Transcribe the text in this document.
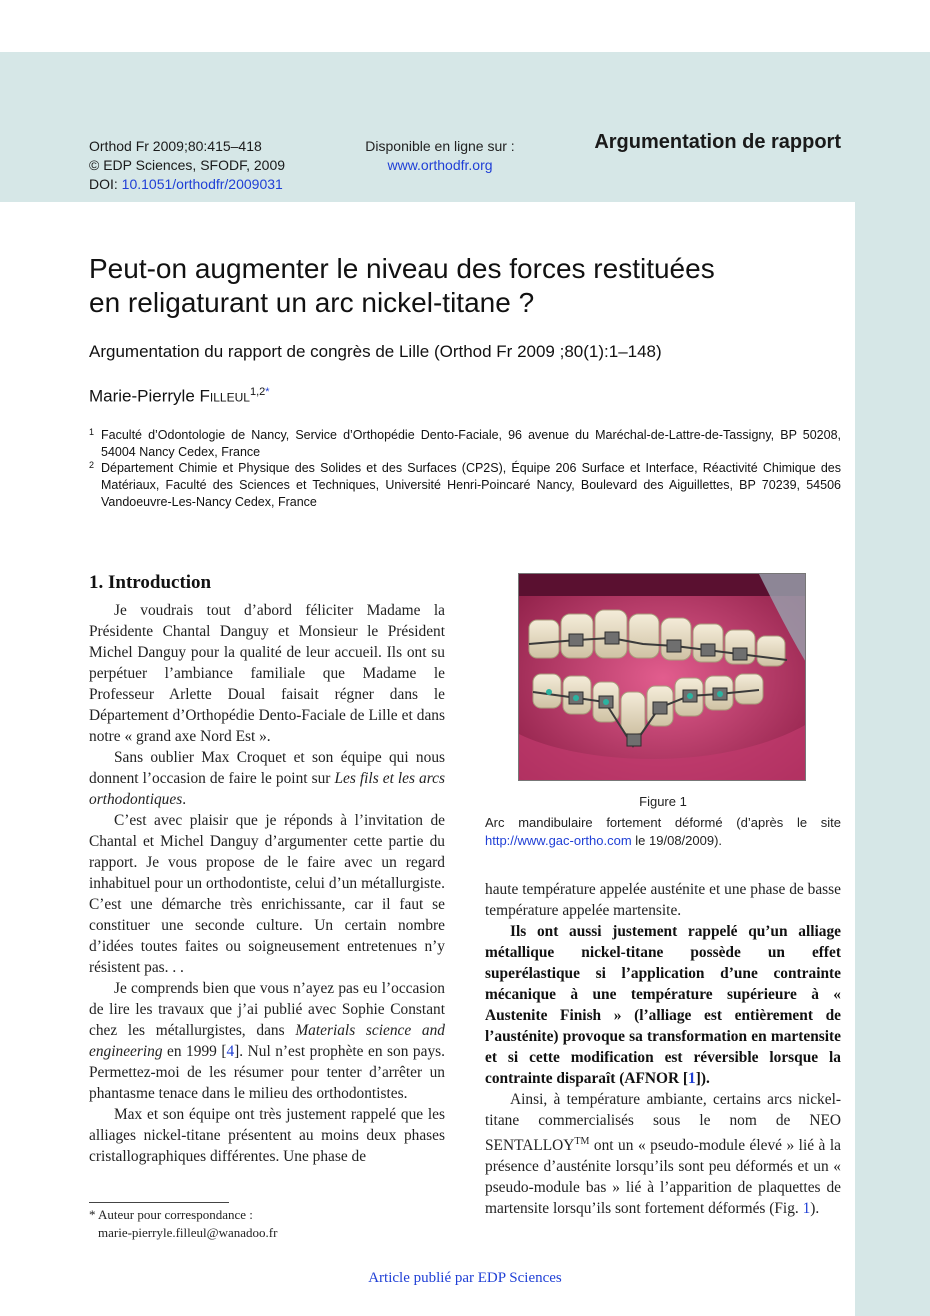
Orthod Fr 2009;80:415–418
© EDP Sciences, SFODF, 2009
DOI: 10.1051/orthodfr/2009031
Disponible en ligne sur :
www.orthodfr.org
Argumentation de rapport
Peut-on augmenter le niveau des forces restituées
en religaturant un arc nickel-titane ?
Argumentation du rapport de congrès de Lille (Orthod Fr 2009 ;80(1):1–148)
Marie-Pierryle Filleul$^{1,2*}$
1 Faculté d’Odontologie de Nancy, Service d’Orthopédie Dento-Faciale, 96 avenue du Maréchal-de-Lattre-de-Tassigny, BP 50208, 54004 Nancy Cedex, France
2 Département Chimie et Physique des Solides et des Surfaces (CP2S), Équipe 206 Surface et Interface, Réactivité Chimique des Matériaux, Faculté des Sciences et Techniques, Université Henri-Poincaré Nancy, Boulevard des Aiguillettes, BP 70239, 54506 Vandoeuvre-Les-Nancy Cedex, France
1. Introduction

Je voudrais tout d’abord féliciter Madame la Présidente Chantal Danguy et Monsieur le Président Michel Danguy pour la qualité de leur accueil. Ils ont su perpétuer l’ambiance familiale que Madame le Professeur Arlette Doual faisait régner dans le Département d’Orthopédie Dento-Faciale de Lille et dans notre « grand axe Nord Est ».

Sans oublier Max Croquet et son équipe qui nous donnent l’occasion de faire le point sur Les fils et les arcs orthodontiques.

C’est avec plaisir que je réponds à l’invitation de Chantal et Michel Danguy d’argumenter cette partie du rapport. Je vous propose de le faire avec un regard inhabituel pour un orthodontiste, celui d’un métallurgiste. C’est une démarche très enrichissante, car il faut se constituer une seconde culture. Un certain nombre d’idées toutes faites ou soigneusement entretenues n’y résistent pas. . .

Je comprends bien que vous n’ayez pas eu l’occasion de lire les travaux que j’ai publié avec Sophie Constant chez les métallurgistes, dans Materials science and engineering en 1999 [4]. Nul n’est prophète en son pays. Permettez-moi de les résumer pour tenter d’arrêter un phantasme tenace dans le milieu des orthodontistes.

Max et son équipe ont très justement rappelé que les alliages nickel-titane présentent au moins deux phases cristallographiques différentes. Une phase de

* Auteur pour correspondance :
marie-pierryle.filleul@wanadoo.fr
Figure 1
Arc mandibulaire fortement déformé (d’après le site http://www.gac-ortho.com le 19/08/2009).

haute température appelée austénite et une phase de basse température appelée martensite.

Ils ont aussi justement rappelé qu’un alliage métallique nickel-titane possède un effet superélastique si l’application d’une contrainte mécanique à une température supérieure à « Austenite Finish » (l’alliage est entièrement de l’austénite) provoque sa transformation en martensite et si cette modification est réversible lorsque la contrainte disparaît (AFNOR [1]).

Ainsi, à température ambiante, certains arcs nickel-titane commercialisés sous le nom de NEO SENTALLOY™ ont un « pseudo-module élevé » lié à la présence d’austénite lorsqu’ils sont peu déformés et un « pseudo-module bas » lié à l’apparition de plaquettes de martensite lorsqu’ils sont fortement déformés (Fig. 1).

Article publié par EDP Sciences
